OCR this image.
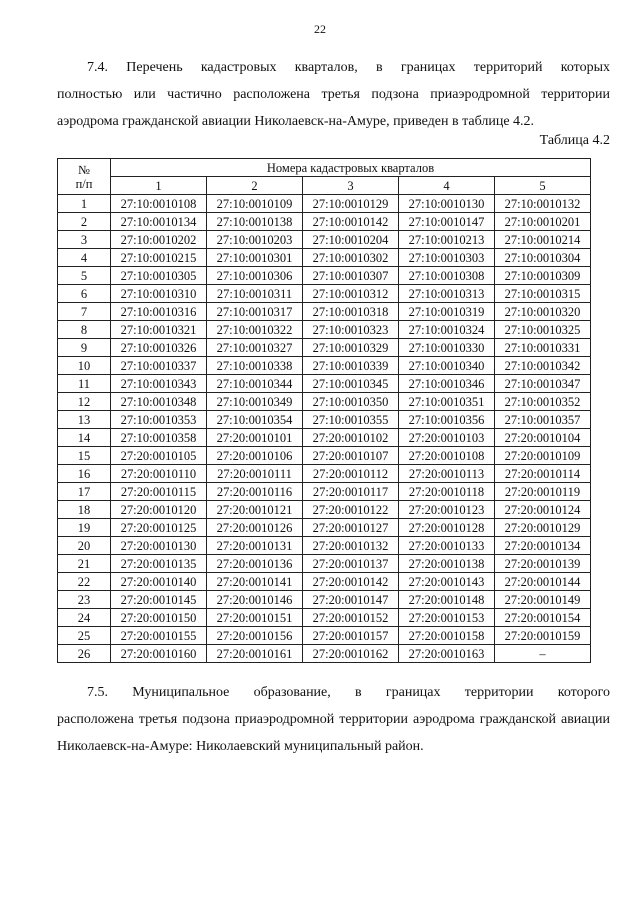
22
7.4. Перечень кадастровых кварталов, в границах территорий которых
полностью или частично расположена третья подзона приаэродромной территории аэродрома гражданской авиации Николаевск-на-Амуре, приведен в таблице 4.2.
Таблица 4.2
№
п/п	Номера кадастровых кварталов				
	1	2	3	4	5
1	27:10:0010108	27:10:0010109	27:10:0010129	27:10:0010130	27:10:0010132
2	27:10:0010134	27:10:0010138	27:10:0010142	27:10:0010147	27:10:0010201
3	27:10:0010202	27:10:0010203	27:10:0010204	27:10:0010213	27:10:0010214
4	27:10:0010215	27:10:0010301	27:10:0010302	27:10:0010303	27:10:0010304
5	27:10:0010305	27:10:0010306	27:10:0010307	27:10:0010308	27:10:0010309
6	27:10:0010310	27:10:0010311	27:10:0010312	27:10:0010313	27:10:0010315
7	27:10:0010316	27:10:0010317	27:10:0010318	27:10:0010319	27:10:0010320
8	27:10:0010321	27:10:0010322	27:10:0010323	27:10:0010324	27:10:0010325
9	27:10:0010326	27:10:0010327	27:10:0010329	27:10:0010330	27:10:0010331
10	27:10:0010337	27:10:0010338	27:10:0010339	27:10:0010340	27:10:0010342
11	27:10:0010343	27:10:0010344	27:10:0010345	27:10:0010346	27:10:0010347
12	27:10:0010348	27:10:0010349	27:10:0010350	27:10:0010351	27:10:0010352
13	27:10:0010353	27:10:0010354	27:10:0010355	27:10:0010356	27:10:0010357
14	27:10:0010358	27:20:0010101	27:20:0010102	27:20:0010103	27:20:0010104
15	27:20:0010105	27:20:0010106	27:20:0010107	27:20:0010108	27:20:0010109
16	27:20:0010110	27:20:0010111	27:20:0010112	27:20:0010113	27:20:0010114
17	27:20:0010115	27:20:0010116	27:20:0010117	27:20:0010118	27:20:0010119
18	27:20:0010120	27:20:0010121	27:20:0010122	27:20:0010123	27:20:0010124
19	27:20:0010125	27:20:0010126	27:20:0010127	27:20:0010128	27:20:0010129
20	27:20:0010130	27:20:0010131	27:20:0010132	27:20:0010133	27:20:0010134
21	27:20:0010135	27:20:0010136	27:20:0010137	27:20:0010138	27:20:0010139
22	27:20:0010140	27:20:0010141	27:20:0010142	27:20:0010143	27:20:0010144
23	27:20:0010145	27:20:0010146	27:20:0010147	27:20:0010148	27:20:0010149
24	27:20:0010150	27:20:0010151	27:20:0010152	27:20:0010153	27:20:0010154
25	27:20:0010155	27:20:0010156	27:20:0010157	27:20:0010158	27:20:0010159
26	27:20:0010160	27:20:0010161	27:20:0010162	27:20:0010163	–
7.5. Муниципальное образование, в границах территории которого
расположена третья подзона приаэродромной территории аэродрома гражданской авиации Николаевск-на-Амуре: Николаевский муниципальный район.
